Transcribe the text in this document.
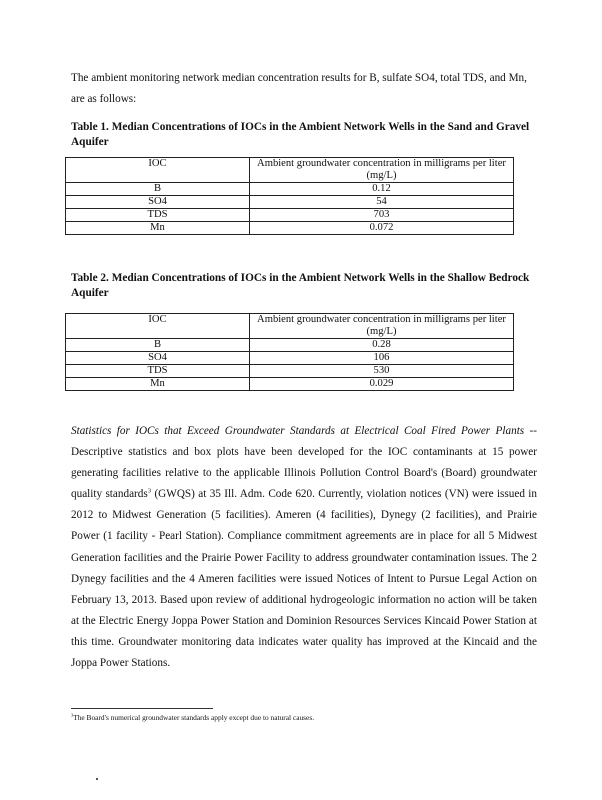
The ambient monitoring network median concentration results for B, sulfate SO4, total TDS, and Mn, are as follows:

Table 1. Median Concentrations of IOCs in the Ambient Network Wells in the Sand and Gravel Aquifer
IOC	Ambient groundwater concentration in milligrams per liter (mg/L)
B	0.12
SO4	54
TDS	703
Mn	0.072
Table 2. Median Concentrations of IOCs in the Ambient Network Wells in the Shallow Bedrock Aquifer
IOC	Ambient groundwater concentration in milligrams per liter (mg/L)
B	0.28
SO4	106
TDS	530
Mn	0.029

Statistics for IOCs that Exceed Groundwater Standards at Electrical Coal Fired Power Plants -- Descriptive statistics and box plots have been developed for the IOC contaminants at 15 power generating facilities relative to the applicable Illinois Pollution Control Board's (Board) groundwater quality standards$^3$ (GWQS) at 35 Ill. Adm. Code 620. Currently, violation notices (VN) were issued in 2012 to Midwest Generation (5 facilities). Ameren (4 facilities), Dynegy (2 facilities), and Prairie Power (1 facility - Pearl Station). Compliance commitment agreements are in place for all 5 Midwest Generation facilities and the Prairie Power Facility to address groundwater contamination issues. The 2 Dynegy facilities and the 4 Ameren facilities were issued Notices of Intent to Pursue Legal Action on February 13, 2013. Based upon review of additional hydrogeologic information no action will be taken at the Electric Energy Joppa Power Station and Dominion Resources Services Kincaid Power Station at this time. Groundwater monitoring data indicates water quality has improved at the Kincaid and the Joppa Power Stations.

$^3$The Board's numerical groundwater standards apply except due to natural causes.
